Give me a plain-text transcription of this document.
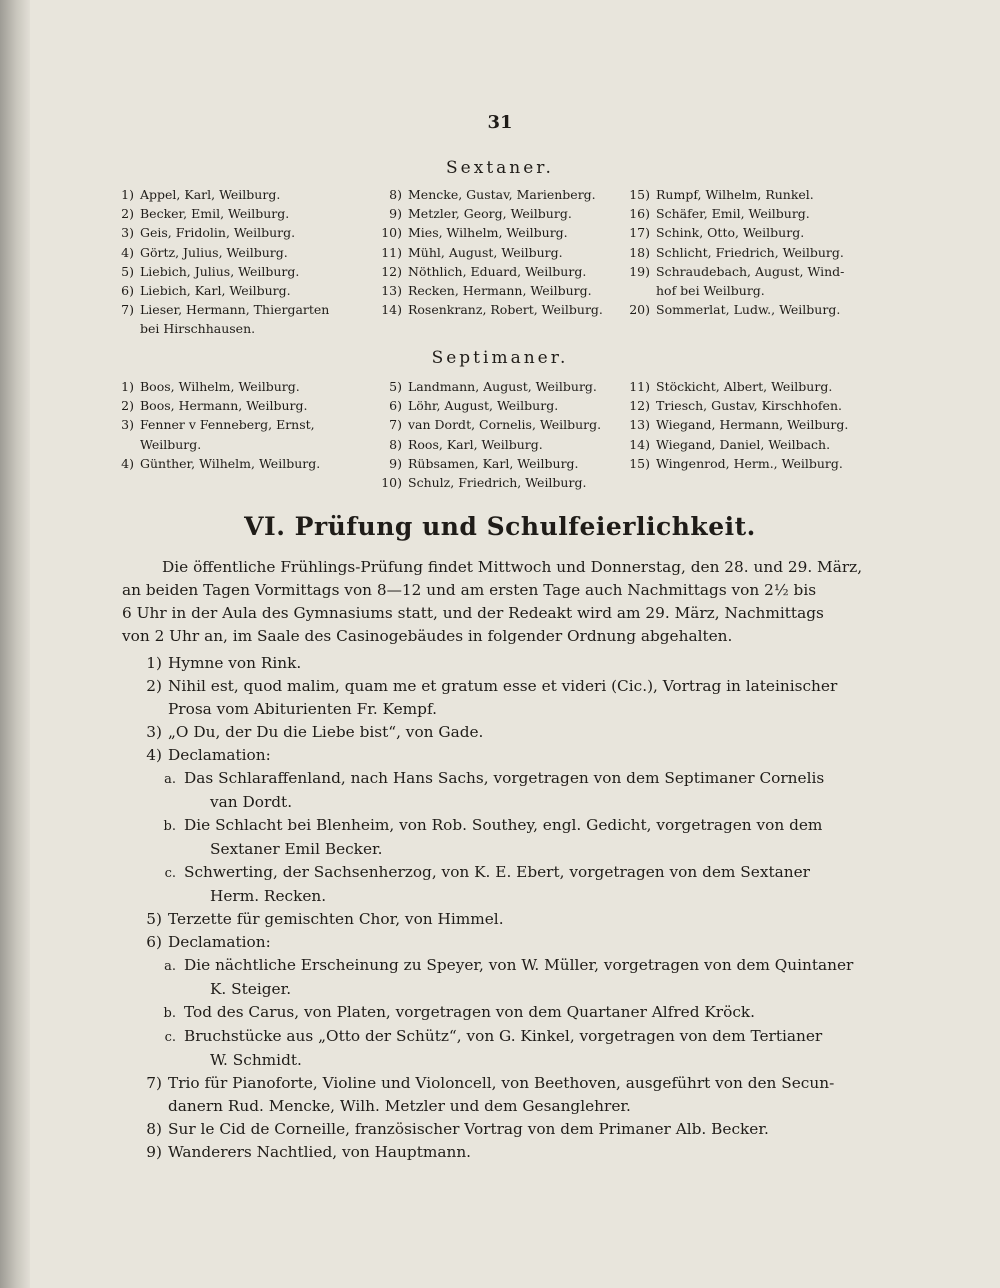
31
Sextaner.
1) Appel, Karl, Weilburg.
2) Becker, Emil, Weilburg.
3) Geis, Fridolin, Weilburg.
4) Görtz, Julius, Weilburg.
5) Liebich, Julius, Weilburg.
6) Liebich, Karl, Weilburg.
7) Lieser, Hermann, Thiergarten
bei Hirschhausen.
8) Mencke, Gustav, Marienberg.
9) Metzler, Georg, Weilburg.
10) Mies, Wilhelm, Weilburg.
11) Mühl, August, Weilburg.
12) Nöthlich, Eduard, Weilburg.
13) Recken, Hermann, Weilburg.
14) Rosenkranz, Robert, Weilburg.
15) Rumpf, Wilhelm, Runkel.
16) Schäfer, Emil, Weilburg.
17) Schink, Otto, Weilburg.
18) Schlicht, Friedrich, Weilburg.
19) Schraudebach, August, Wind-
hof bei Weilburg.
20) Sommerlat, Ludw., Weilburg.
Septimaner.
1) Boos, Wilhelm, Weilburg.
2) Boos, Hermann, Weilburg.
3) Fenner v Fenneberg, Ernst,
Weilburg.
4) Günther, Wilhelm, Weilburg.
5) Landmann, August, Weilburg.
6) Löhr, August, Weilburg.
7) van Dordt, Cornelis, Weilburg.
8) Roos, Karl, Weilburg.
9) Rübsamen, Karl, Weilburg.
10) Schulz, Friedrich, Weilburg.
11) Stöckicht, Albert, Weilburg.
12) Triesch, Gustav, Kirschhofen.
13) Wiegand, Hermann, Weilburg.
14) Wiegand, Daniel, Weilbach.
15) Wingenrod, Herm., Weilburg.
VI. Prüfung und Schulfeierlichkeit.
Die öffentliche Frühlings-Prüfung findet Mittwoch und Donnerstag, den 28. und 29. März,
an beiden Tagen Vormittags von 8—12 und am ersten Tage auch Nachmittags von 2½ bis
6 Uhr in der Aula des Gymnasiums statt, und der Redeakt wird am 29. März, Nachmittags
von 2 Uhr an, im Saale des Casinogebäudes in folgender Ordnung abgehalten.
1) Hymne von Rink.
2) Nihil est, quod malim, quam me et gratum esse et videri (Cic.), Vortrag in lateinischer
Prosa vom Abiturienten Fr. Kempf.
3) „O Du, der Du die Liebe bist“, von Gade.
4) Declamation:
a. Das Schlaraffenland, nach Hans Sachs, vorgetragen von dem Septimaner Cornelis
van Dordt.
b. Die Schlacht bei Blenheim, von Rob. Southey, engl. Gedicht, vorgetragen von dem
Sextaner Emil Becker.
c. Schwerting, der Sachsenherzog, von K. E. Ebert, vorgetragen von dem Sextaner
Herm. Recken.
5) Terzette für gemischten Chor, von Himmel.
6) Declamation:
a. Die nächtliche Erscheinung zu Speyer, von W. Müller, vorgetragen von dem Quintaner
K. Steiger.
b. Tod des Carus, von Platen, vorgetragen von dem Quartaner Alfred Kröck.
c. Bruchstücke aus „Otto der Schütz“, von G. Kinkel, vorgetragen von dem Tertianer
W. Schmidt.
7) Trio für Pianoforte, Violine und Violoncell, von Beethoven, ausgeführt von den Secun-
danern Rud. Mencke, Wilh. Metzler und dem Gesanglehrer.
8) Sur le Cid de Corneille, französischer Vortrag von dem Primaner Alb. Becker.
9) Wanderers Nachtlied, von Hauptmann.
